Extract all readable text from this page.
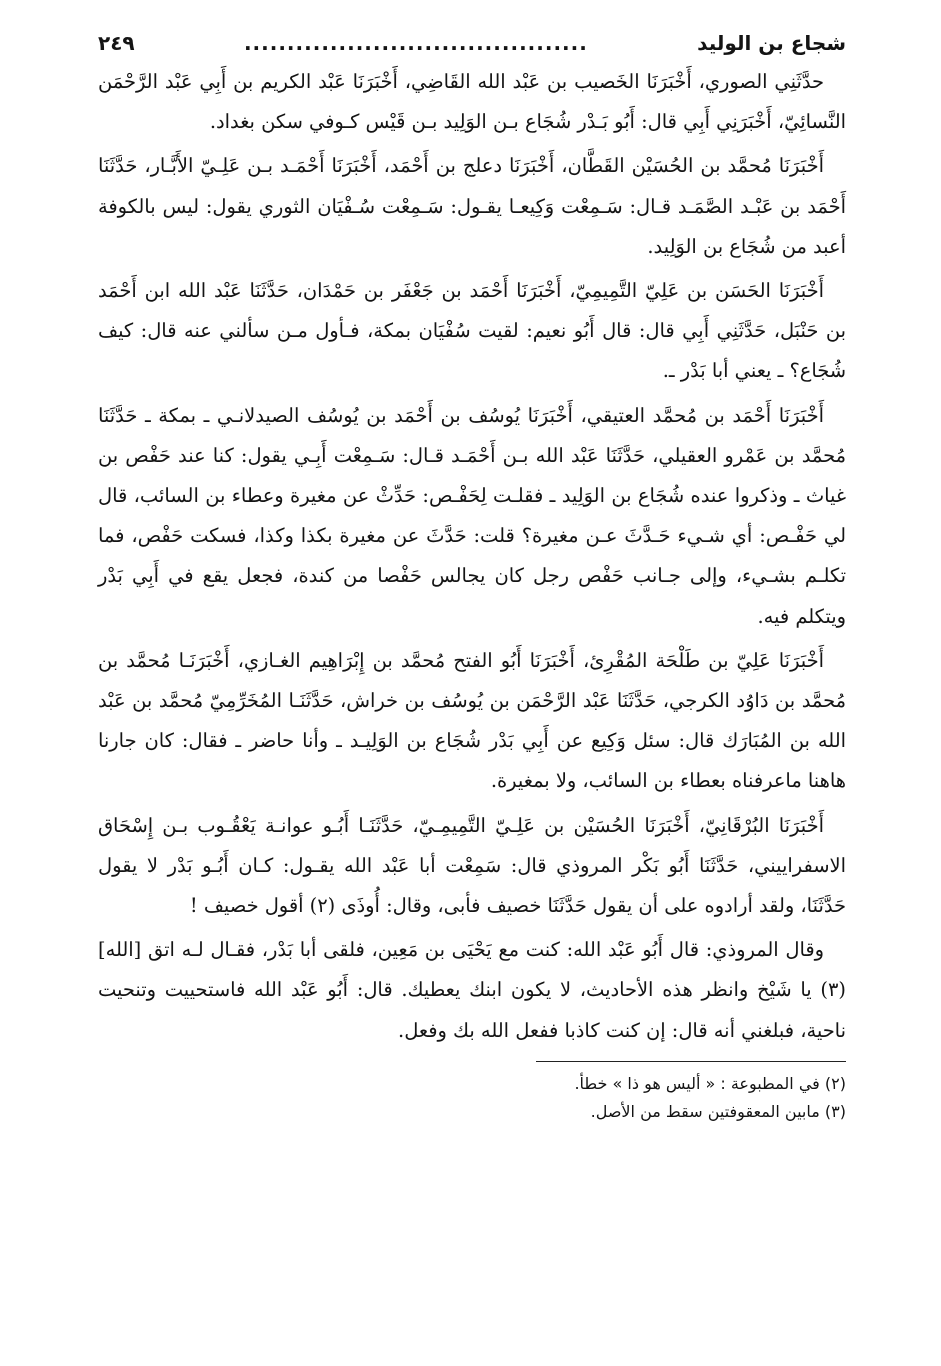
شجاع بن الوليد
........................................
٢٤٩

حدَّثَنِي الصوري، أَخْبَرَنَا الخَصيب بن عَبْد الله القَاضِي، أَخْبَرَنَا عَبْد الكريم بن أَبِي عَبْد الرَّحْمَن النَّسائِيّ، أَخْبَرَنِي أَبِي قال: أَبُو بَـدْر شُجَاع بـن الوَلِيد بـن قَيْس كـوفي سكن بغداد.

أَخْبَرَنَا مُحمَّد بن الحُسَيْن القَطَّان، أَخْبَرَنَا دعلج بن أَحْمَد، أَخْبَرَنَا أَحْمَـد بـن عَلِـيّ الأَبَّـار، حَدَّثَنَا أَحْمَد بن عَبْـد الصَّمَـد قـال: سَـمِعْت وَكِيعـا يقـول: سَـمِعْت سُـفْيَان الثوري يقول: ليس بالكوفة أعبد من شُجَاع بن الوَلِيد.

أَخْبَرَنَا الحَسَن بن عَلِيّ التَّمِيمِيّ، أَخْبَرَنَا أَحْمَد بن جَعْفَر بن حَمْدَان، حَدَّثَنَا عَبْد الله ابن أَحْمَد بن حَنْبَل، حَدَّثَنِي أَبِي قال: قال أَبُو نعيم: لقيت سُفْيَان بمكة، فـأول مـن سألني عنه قال: كيف شُجَاع؟ ـ يعني أبا بَدْر ـ.

أَخْبَرَنَا أَحْمَد بن مُحمَّد العتيقي، أَخْبَرَنَا يُوسُف بن أَحْمَد بن يُوسُف الصيدلانـي ـ بمكة ـ حَدَّثَنَا مُحمَّد بن عَمْرو العقيلي، حَدَّثَنَا عَبْد الله بـن أَحْمَـد قـال: سَـمِعْت أَبِـي يقول: كنا عند حَفْص بن غياث ـ وذكروا عنده شُجَاع بن الوَلِيد ـ فقلـت لِحَفْـص: حَدِّثْ عن مغيرة وعطاء بن السائب، قال لي حَفْـص: أي شـيء حَـدَّثَ عـن مغيرة؟ قلت: حَدَّثَ عن مغيرة بكذا وكذا، فسكت حَفْص، فما تكلـم بشـيء، وإلى جـانب حَفْص رجل كان يجالس حَفْصا من كندة، فجعل يقع في أَبِي بَدْر ويتكلم فيه.

أَخْبَرَنَا عَلِيّ بن طَلْحَة المُقْرِئ، أَخْبَرَنَا أَبُو الفتح مُحمَّد بن إِبْرَاهِيم الغـازي، أَخْبَرَنَـا مُحمَّد بن مُحمَّد بن دَاوُد الكرجي، حَدَّثَنَا عَبْد الرَّحْمَن بن يُوسُف بن خراش، حَدَّثَنَـا المُخَرِّمِيّ مُحمَّد بن عَبْد الله بن المُبَارَك قال: سئل وَكِيع عن أَبِي بَدْر شُجَاع بن الوَلِيـد ـ وأنا حاضر ـ فقال: كان جارنا هاهنا ماعرفناه بعطاء بن السائب، ولا بمغيرة.

أَخْبَرَنَا البُرْقَانِيّ، أَخْبَرَنَا الحُسَيْن بن عَلِـيّ التَّمِيمِـيّ، حَدَّثَنَـا أَبُـو عوانـة يَعْقُـوب بـن إِسْحَاق الاسفراييني، حَدَّثَنَا أَبُو بَكْر المروذي قال: سَمِعْت أبا عَبْد الله يقـول: كـان أَبُـو بَدْر لا يقول حَدَّثَنَا، ولقد أرادوه على أن يقول حَدَّثَنَا خصيف فأبى، وقال: أُوذَى (٢) أقول خصيف !

وقال المروذي: قال أَبُو عَبْد الله: كنت مع يَحْيَى بن مَعِين، فلقى أبا بَدْر، فقـال لـه اتق [الله] (٣) يا شَيْخ وانظر هذه الأحاديث، لا يكون ابنك يعطيك. قال: أَبُو عَبْد الله فاستحييت وتنحيت ناحية، فبلغني أنه قال: إن كنت كاذبا ففعل الله بك وفعل.

(٢) في المطبوعة : « أليس هو ذا » خطأ.

(٣) مابين المعقوفتين سقط من الأصل.
